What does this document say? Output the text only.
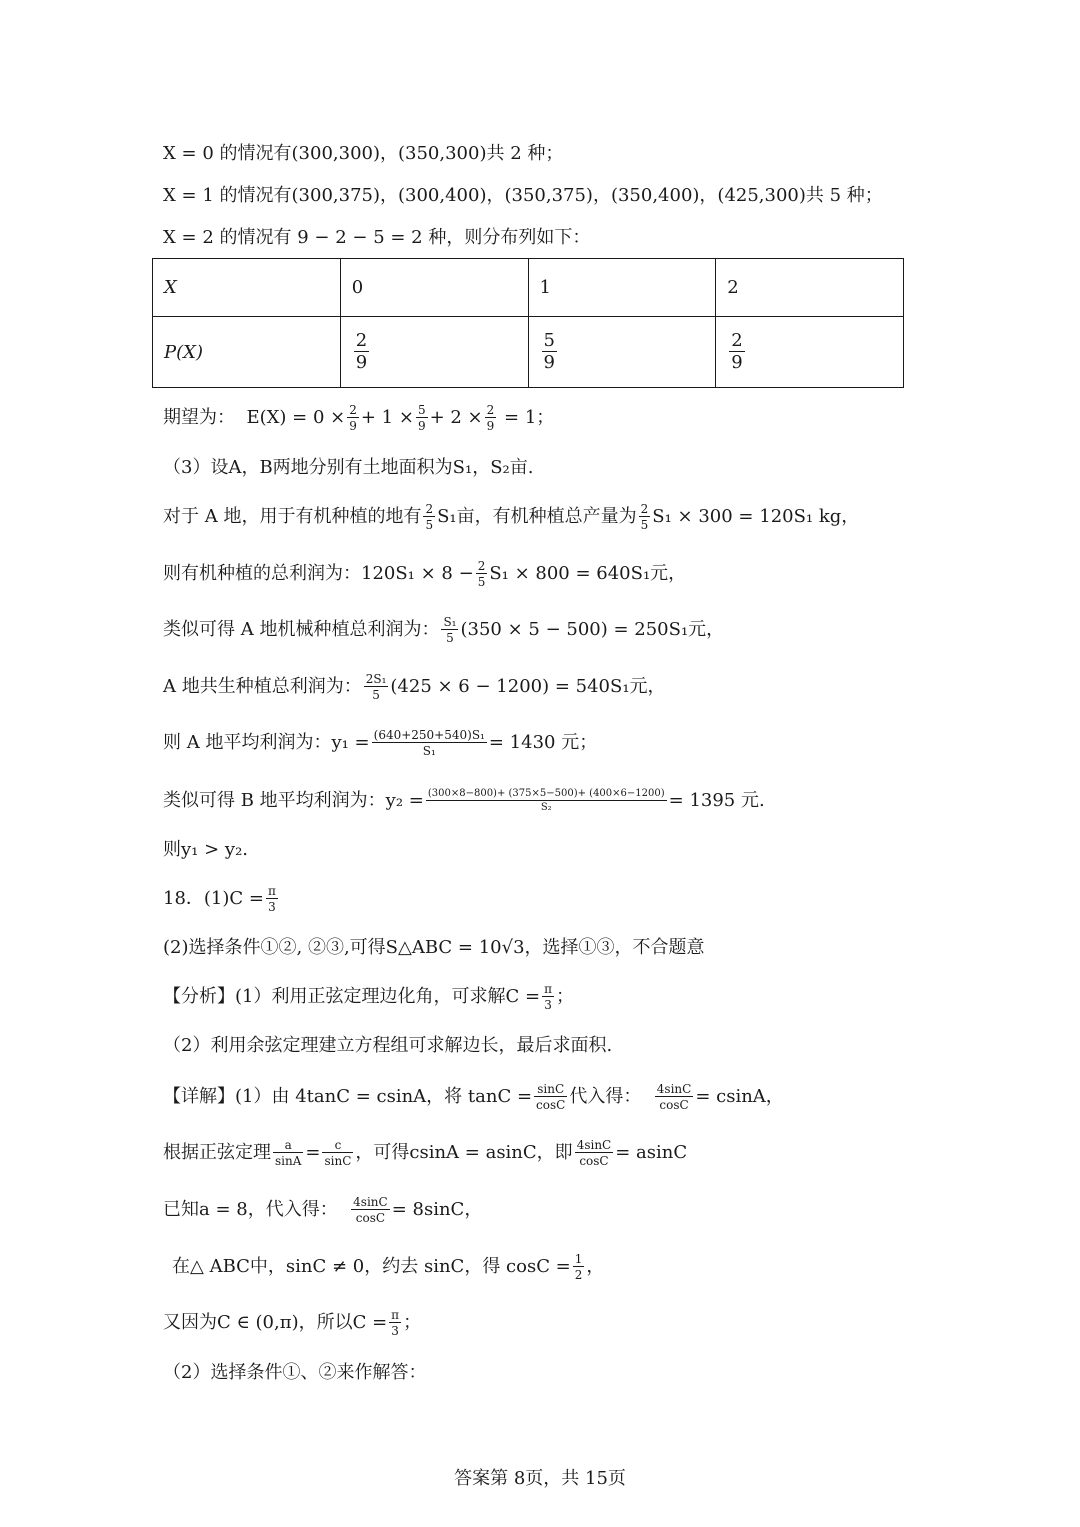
X = 0 的情况有(300,300)，(350,300)共 2 种；
X = 1 的情况有(300,375)，(300,400)，(350,375)，(350,400)，(425,300)共 5 种；
X = 2 的情况有 9 − 2 − 5 = 2 种，则分布列如下：
X	0	1	2
P(X)	$\frac{2}{9}$	$\frac{5}{9}$	$\frac{2}{9}$
期望为： $E(X) = 0 \times \frac{2}{9} + 1 \times \frac{5}{9} + 2 \times \frac{2}{9} = 1$；
（3）设A，B两地分别有土地面积为S₁，S₂亩.
对于 A 地，用于有机种植的地有 $\frac{2}{5} S_1$亩，有机种植总产量为 $\frac{2}{5} S_1 \times 300 = 120S_1$ kg，
则有机种植的总利润为：$120S_1 \times 8 - \frac{2}{5} S_1 \times 800 = 640S_1$元，
类似可得 A 地机械种植总利润为： $\frac{\text{S₁}}{5} (350 \times 5 - 500) = 250S_1$元，
A 地共生种植总利润为： $\frac{\text{2S₁}}{5} (425 \times 6 - 1200) = 540S_1$元，
则 A 地平均利润为：$y_1 = \frac{\text{(640+250+540)S₁}}{\text{S₁}} = 1430$ 元；
类似可得 B 地平均利润为：$y_2 = \frac{(300\times 8-800)+ (375\times 5-500)+ (400\times 6-1200)}{\text{S₂}} = 1395$ 元.
则y₁ > y₂.
18．$(1)C = \frac{\pi}{3}$
(2)选择条件①②, ②③,可得S△ABC = 10√3，选择①③，不合题意
【分析】(1）利用正弦定理边化角，可求解$C = \frac{\pi}{3}$ ；
（2）利用余弦定理建立方程组可求解边长，最后求面积.
【详解】(1）由 4tanC = csinA，将 $\tan C = \frac{\sin C}{\cos C}$ 代入得： $\frac{4\sin C}{\cos C} = csinA$，
根据正弦定理 $\frac{a}{\sin A} = \frac{c}{\sin C}$ ，可得csinA = asinC，即 $\frac{4\sin C}{\cos C} = asinC$
已知a = 8，代入得： $\frac{4\sin C}{\cos C} = 8\sin C$，
在△ ABC中，sinC ≠ 0，约去 sinC，得 $\cos C = \frac{1}{2}$ ，
又因为C ∈ (0,π)，所以$C = \frac{\pi}{3}$ ；
（2）选择条件①、②来作解答：
答案第 8页，共 15页
